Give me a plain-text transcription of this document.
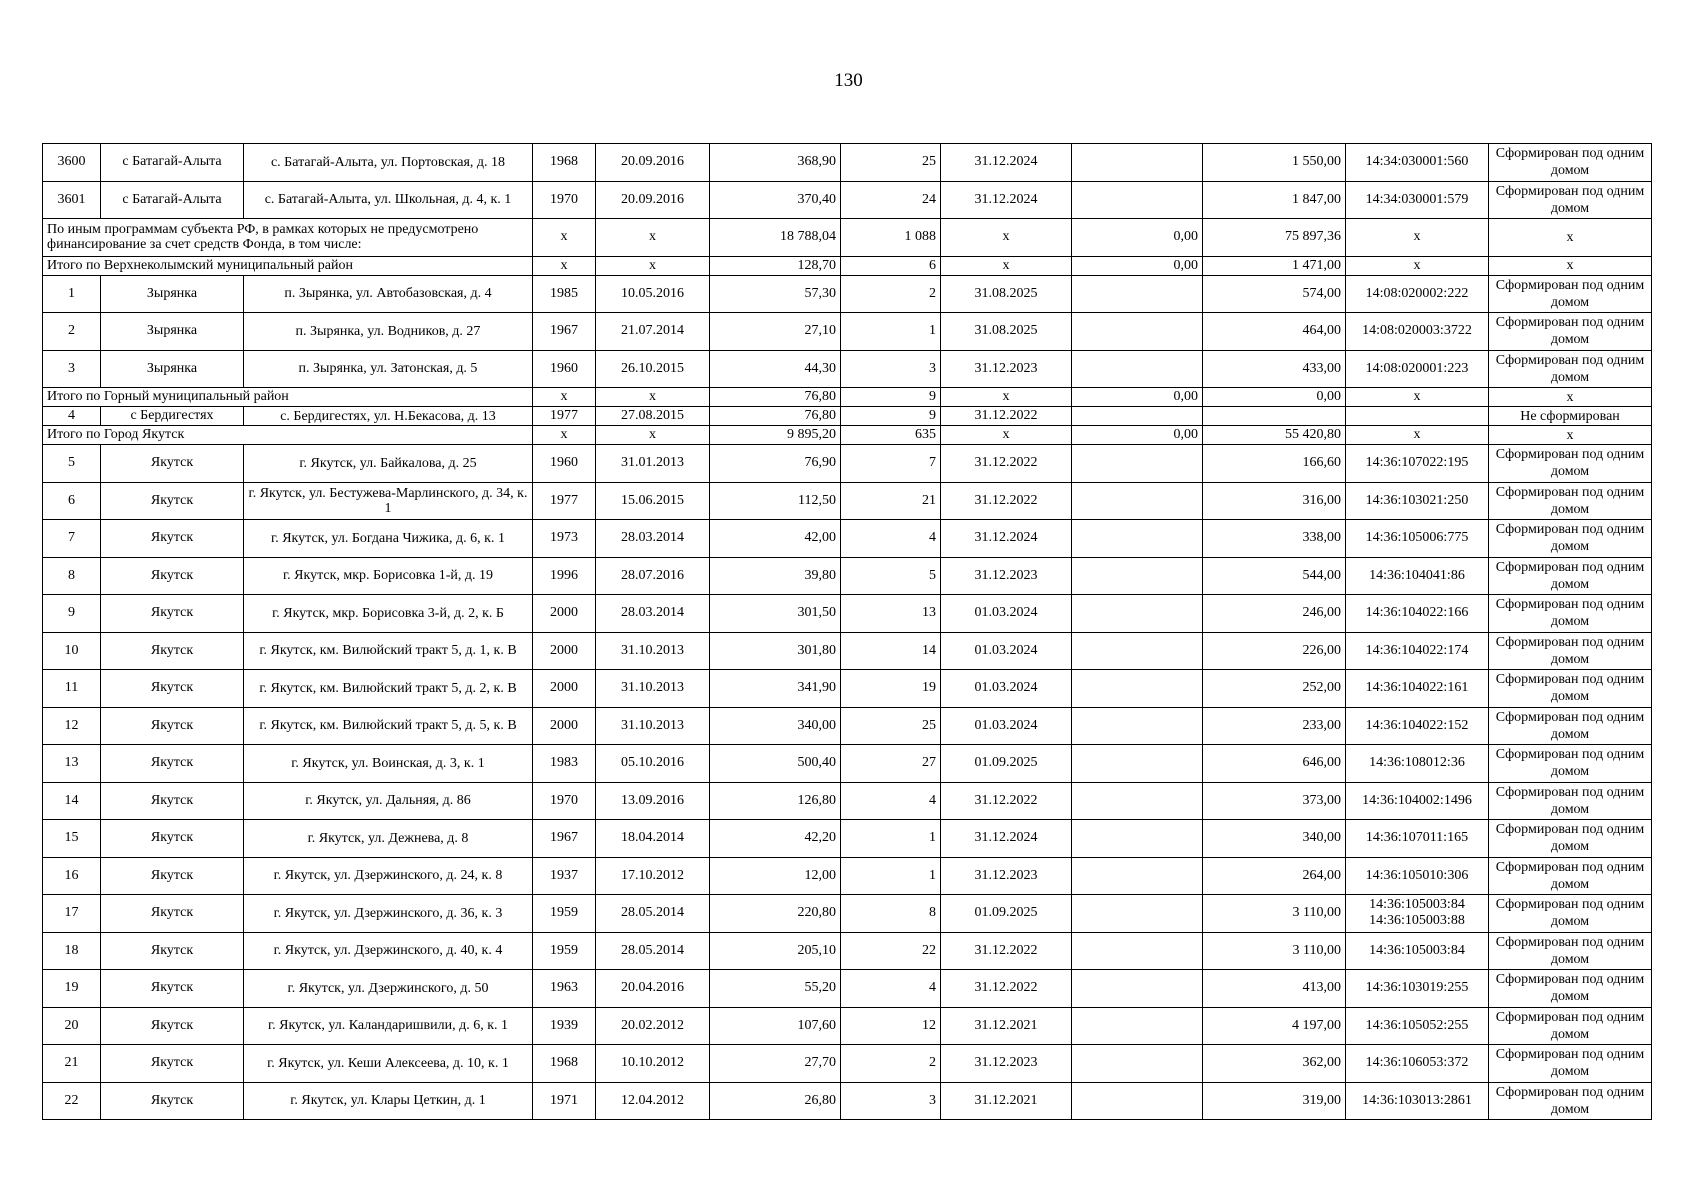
130
3600	с Батагай-Алыта	с. Батагай-Алыта, ул. Портовская, д. 18	1968	20.09.2016	368,90	25	31.12.2024		1 550,00	14:34:030001:560	Сформирован под одним домом
3601	с Батагай-Алыта	с. Батагай-Алыта, ул. Школьная, д. 4, к. 1	1970	20.09.2016	370,40	24	31.12.2024		1 847,00	14:34:030001:579	Сформирован под одним домом
По иным программам субъекта РФ, в рамках которых не предусмотрено финансирование за счет средств Фонда, в том числе:			х	х	18 788,04	1 088	х	0,00	75 897,36	х	х
Итого по Верхнеколымский муниципальный район			х	х	128,70	6	х	0,00	1 471,00	х	х
1	Зырянка	п. Зырянка, ул. Автобазовская, д. 4	1985	10.05.2016	57,30	2	31.08.2025		574,00	14:08:020002:222	Сформирован под одним домом
2	Зырянка	п. Зырянка, ул. Водников, д. 27	1967	21.07.2014	27,10	1	31.08.2025		464,00	14:08:020003:3722	Сформирован под одним домом
3	Зырянка	п. Зырянка, ул. Затонская, д. 5	1960	26.10.2015	44,30	3	31.12.2023		433,00	14:08:020001:223	Сформирован под одним домом
Итого по Горный муниципальный район			х	х	76,80	9	х	0,00	0,00	х	х
4	с Бердигестях	с. Бердигестях, ул. Н.Бекасова, д. 13	1977	27.08.2015	76,80	9	31.12.2022				Не сформирован
Итого по Город Якутск			х	х	9 895,20	635	х	0,00	55 420,80	х	х
5	Якутск	г. Якутск, ул. Байкалова, д. 25	1960	31.01.2013	76,90	7	31.12.2022		166,60	14:36:107022:195	Сформирован под одним домом
6	Якутск	г. Якутск, ул. Бестужева-Марлинского, д. 34, к. 1	1977	15.06.2015	112,50	21	31.12.2022		316,00	14:36:103021:250	Сформирован под одним домом
7	Якутск	г. Якутск, ул. Богдана Чижика, д. 6, к. 1	1973	28.03.2014	42,00	4	31.12.2024		338,00	14:36:105006:775	Сформирован под одним домом
8	Якутск	г. Якутск, мкр. Борисовка 1-й, д. 19	1996	28.07.2016	39,80	5	31.12.2023		544,00	14:36:104041:86	Сформирован под одним домом
9	Якутск	г. Якутск, мкр. Борисовка 3-й, д. 2, к. Б	2000	28.03.2014	301,50	13	01.03.2024		246,00	14:36:104022:166	Сформирован под одним домом
10	Якутск	г. Якутск, км. Вилюйский тракт 5, д. 1, к. В	2000	31.10.2013	301,80	14	01.03.2024		226,00	14:36:104022:174	Сформирован под одним домом
11	Якутск	г. Якутск, км. Вилюйский тракт 5, д. 2, к. В	2000	31.10.2013	341,90	19	01.03.2024		252,00	14:36:104022:161	Сформирован под одним домом
12	Якутск	г. Якутск, км. Вилюйский тракт 5, д. 5, к. В	2000	31.10.2013	340,00	25	01.03.2024		233,00	14:36:104022:152	Сформирован под одним домом
13	Якутск	г. Якутск, ул. Воинская, д. 3, к. 1	1983	05.10.2016	500,40	27	01.09.2025		646,00	14:36:108012:36	Сформирован под одним домом
14	Якутск	г. Якутск, ул. Дальняя, д. 86	1970	13.09.2016	126,80	4	31.12.2022		373,00	14:36:104002:1496	Сформирован под одним домом
15	Якутск	г. Якутск, ул. Дежнева, д. 8	1967	18.04.2014	42,20	1	31.12.2024		340,00	14:36:107011:165	Сформирован под одним домом
16	Якутск	г. Якутск, ул. Дзержинского, д. 24, к. 8	1937	17.10.2012	12,00	1	31.12.2023		264,00	14:36:105010:306	Сформирован под одним домом
17	Якутск	г. Якутск, ул. Дзержинского, д. 36, к. 3	1959	28.05.2014	220,80	8	01.09.2025		3 110,00	14:36:105003:84 14:36:105003:88	Сформирован под одним домом
18	Якутск	г. Якутск, ул. Дзержинского, д. 40, к. 4	1959	28.05.2014	205,10	22	31.12.2022		3 110,00	14:36:105003:84	Сформирован под одним домом
19	Якутск	г. Якутск, ул. Дзержинского, д. 50	1963	20.04.2016	55,20	4	31.12.2022		413,00	14:36:103019:255	Сформирован под одним домом
20	Якутск	г. Якутск, ул. Каландаришвили, д. 6, к. 1	1939	20.02.2012	107,60	12	31.12.2021		4 197,00	14:36:105052:255	Сформирован под одним домом
21	Якутск	г. Якутск, ул. Кеши Алексеева, д. 10, к. 1	1968	10.10.2012	27,70	2	31.12.2023		362,00	14:36:106053:372	Сформирован под одним домом
22	Якутск	г. Якутск, ул. Клары Цеткин, д. 1	1971	12.04.2012	26,80	3	31.12.2021		319,00	14:36:103013:2861	Сформирован под одним домом
